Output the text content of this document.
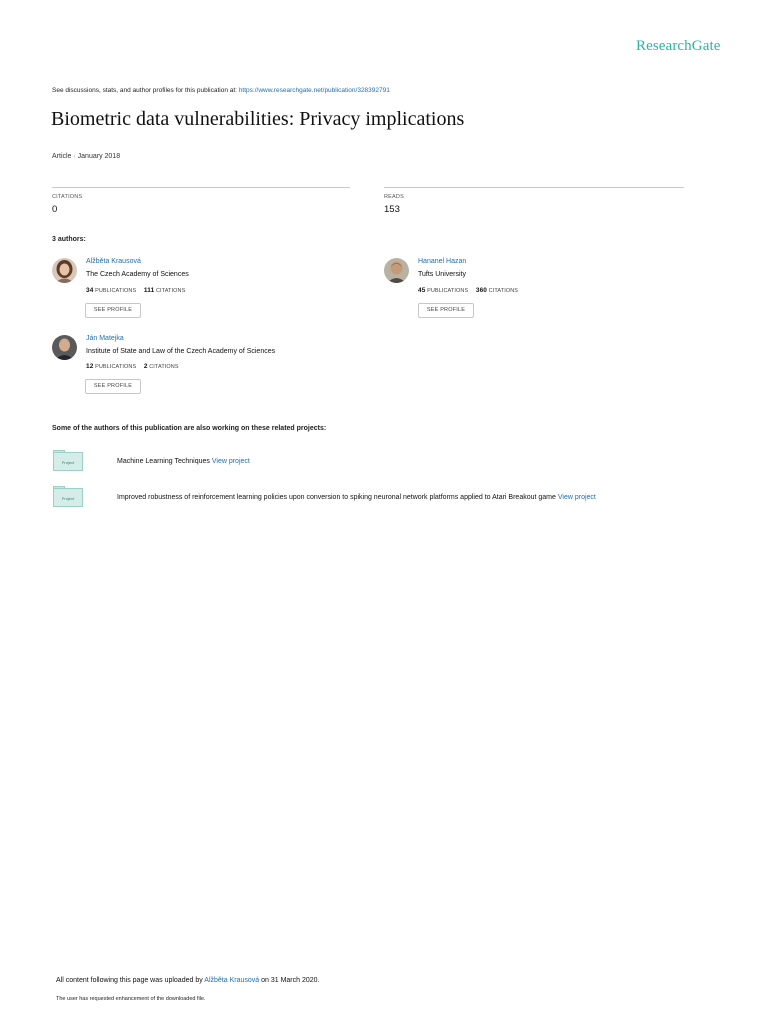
ResearchGate
See discussions, stats, and author profiles for this publication at: https://www.researchgate.net/publication/328392791
Biometric data vulnerabilities: Privacy implications
Article · January 2018
CITATIONS
0
READS
153
3 authors:
Alžběta Krausová
The Czech Academy of Sciences
34 PUBLICATIONS 111 CITATIONS
SEE PROFILE
Hananel Hazan
Tufts University
45 PUBLICATIONS 360 CITATIONS
SEE PROFILE
Ján Matejka
Institute of State and Law of the Czech Academy of Sciences
12 PUBLICATIONS 2 CITATIONS
SEE PROFILE
Some of the authors of this publication are also working on these related projects:
Project	Machine Learning Techniques View project
Project	Improved robustness of reinforcement learning policies upon conversion to spiking neuronal network platforms applied to Atari Breakout game View project
All content following this page was uploaded by Alžběta Krausová on 31 March 2020.
The user has requested enhancement of the downloaded file.
